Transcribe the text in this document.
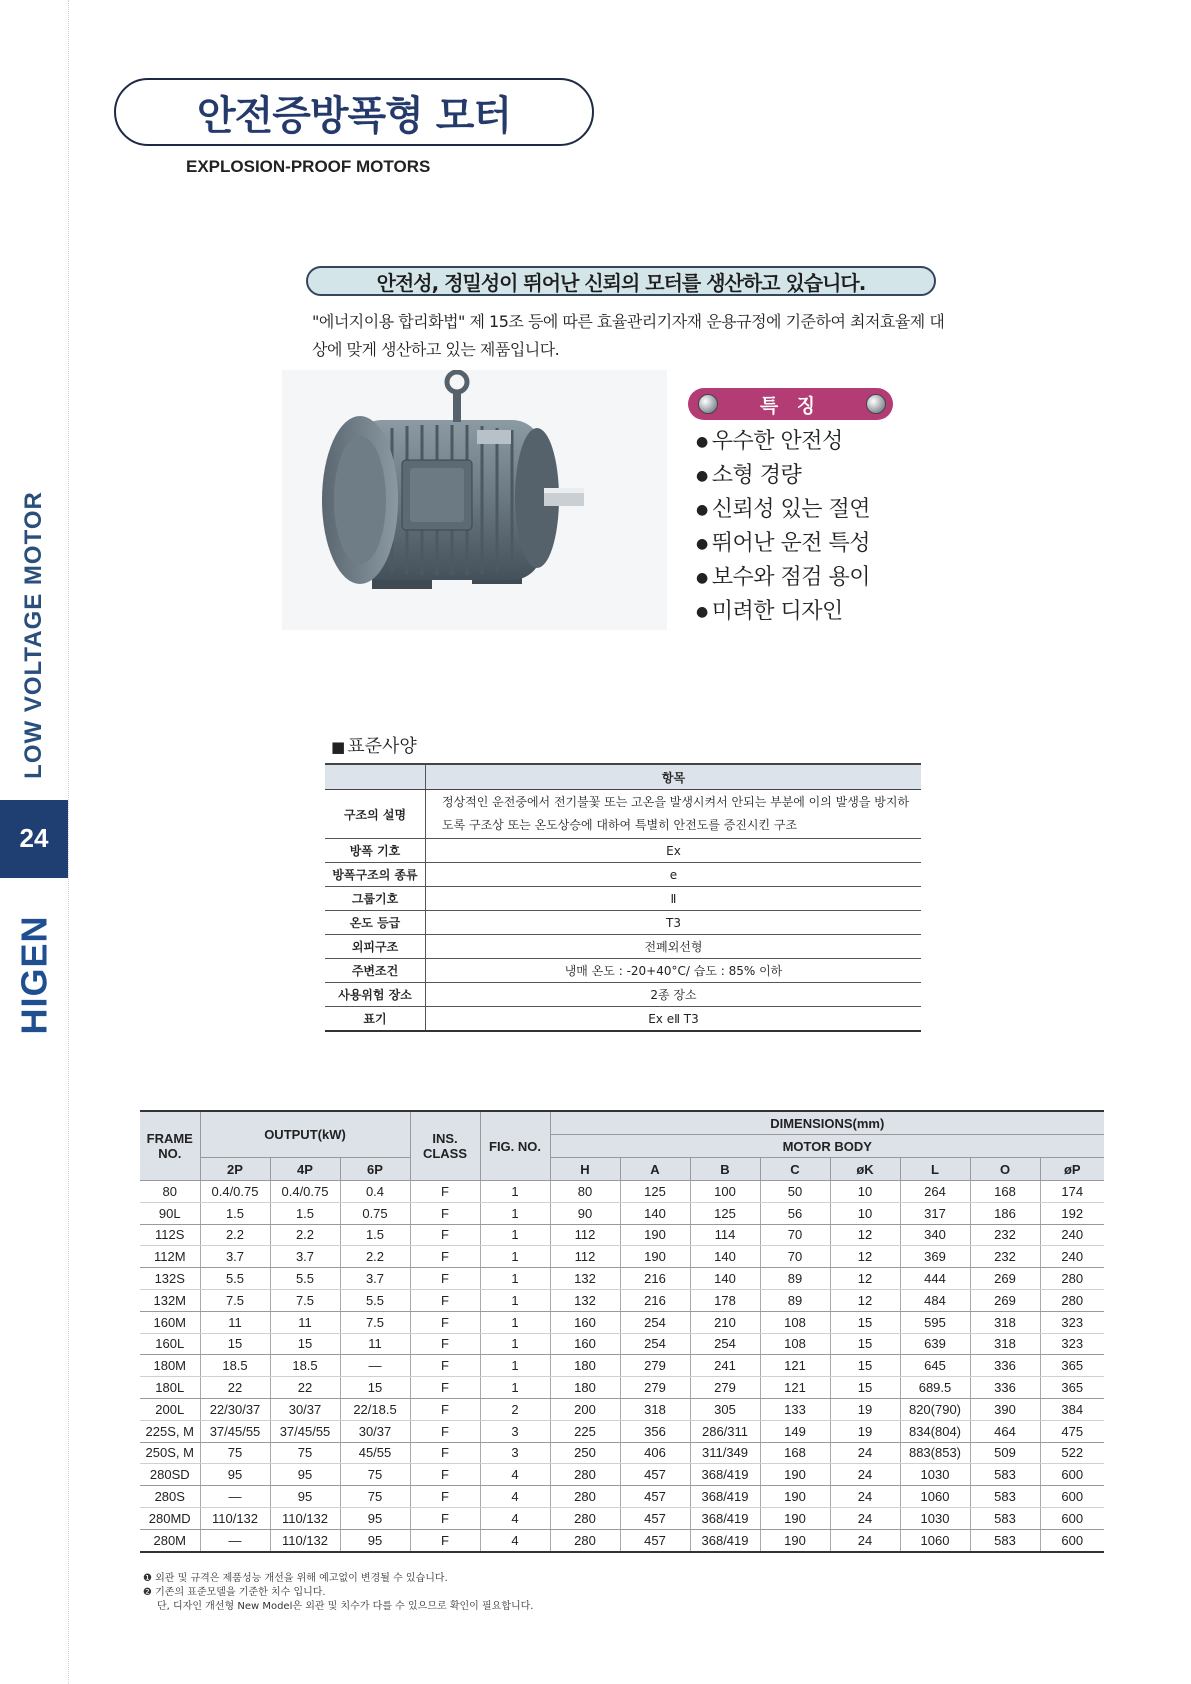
LOW VOLTAGE MOTOR
24
HIGEN
안전증방폭형 모터
EXPLOSION-PROOF MOTORS
안전성, 정밀성이 뛰어난 신뢰의 모터를 생산하고 있습니다.
"에너지이용 합리화법" 제 15조 등에 따른 효율관리기자재 운용규정에 기준하여 최저효율제 대상에 맞게 생산하고 있는 제품입니다.
특 징
● 우수한 안전성
● 소형 경량
● 신뢰성 있는 절연
● 뛰어난 운전 특성
● 보수와 점검 용이
● 미려한 디자인
■ 표준사양
	항목
구조의 설명	정상적인 운전중에서 전기불꽃 또는 고온을 발생시켜서 안되는 부분에 이의 발생을 방지하도록 구조상 또는 온도상승에 대하여 특별히 안전도를 증진시킨 구조
방폭 기호	Ex
방폭구조의 종류	e
그룹기호	Ⅱ
온도 등급	T3
외피구조	전폐외선형
주변조건	냉매 온도 : -20+40°C/ 습도 : 85% 이하
사용위험 장소	2종 장소
표기	Ex eⅡ T3
FRAME NO.	OUTPUT(kW)			INS. CLASS	FIG. NO.	DIMENSIONS(mm)							
						MOTOR BODY							
	2P	4P	6P			H	A	B	C	øK	L	O	øP
80	0.4/0.75	0.4/0.75	0.4	F	1	80	125	100	50	10	264	168	174
90L	1.5	1.5	0.75	F	1	90	140	125	56	10	317	186	192
112S	2.2	2.2	1.5	F	1	112	190	114	70	12	340	232	240
112M	3.7	3.7	2.2	F	1	112	190	140	70	12	369	232	240
132S	5.5	5.5	3.7	F	1	132	216	140	89	12	444	269	280
132M	7.5	7.5	5.5	F	1	132	216	178	89	12	484	269	280
160M	11	11	7.5	F	1	160	254	210	108	15	595	318	323
160L	15	15	11	F	1	160	254	254	108	15	639	318	323
180M	18.5	18.5	—	F	1	180	279	241	121	15	645	336	365
180L	22	22	15	F	1	180	279	279	121	15	689.5	336	365
200L	22/30/37	30/37	22/18.5	F	2	200	318	305	133	19	820(790)	390	384
225S, M	37/45/55	37/45/55	30/37	F	3	225	356	286/311	149	19	834(804)	464	475
250S, M	75	75	45/55	F	3	250	406	311/349	168	24	883(853)	509	522
280SD	95	95	75	F	4	280	457	368/419	190	24	1030	583	600
280S	—	95	75	F	4	280	457	368/419	190	24	1060	583	600
280MD	110/132	110/132	95	F	4	280	457	368/419	190	24	1030	583	600
280M	—	110/132	95	F	4	280	457	368/419	190	24	1060	583	600
❶ 외관 및 규격은 제품성능 개선을 위해 예고없이 변경될 수 있습니다.
❷ 기존의 표준모델을 기준한 치수 입니다.
단, 디자인 개선형 New Model은 외관 및 치수가 다를 수 있으므로 확인이 필요합니다.
